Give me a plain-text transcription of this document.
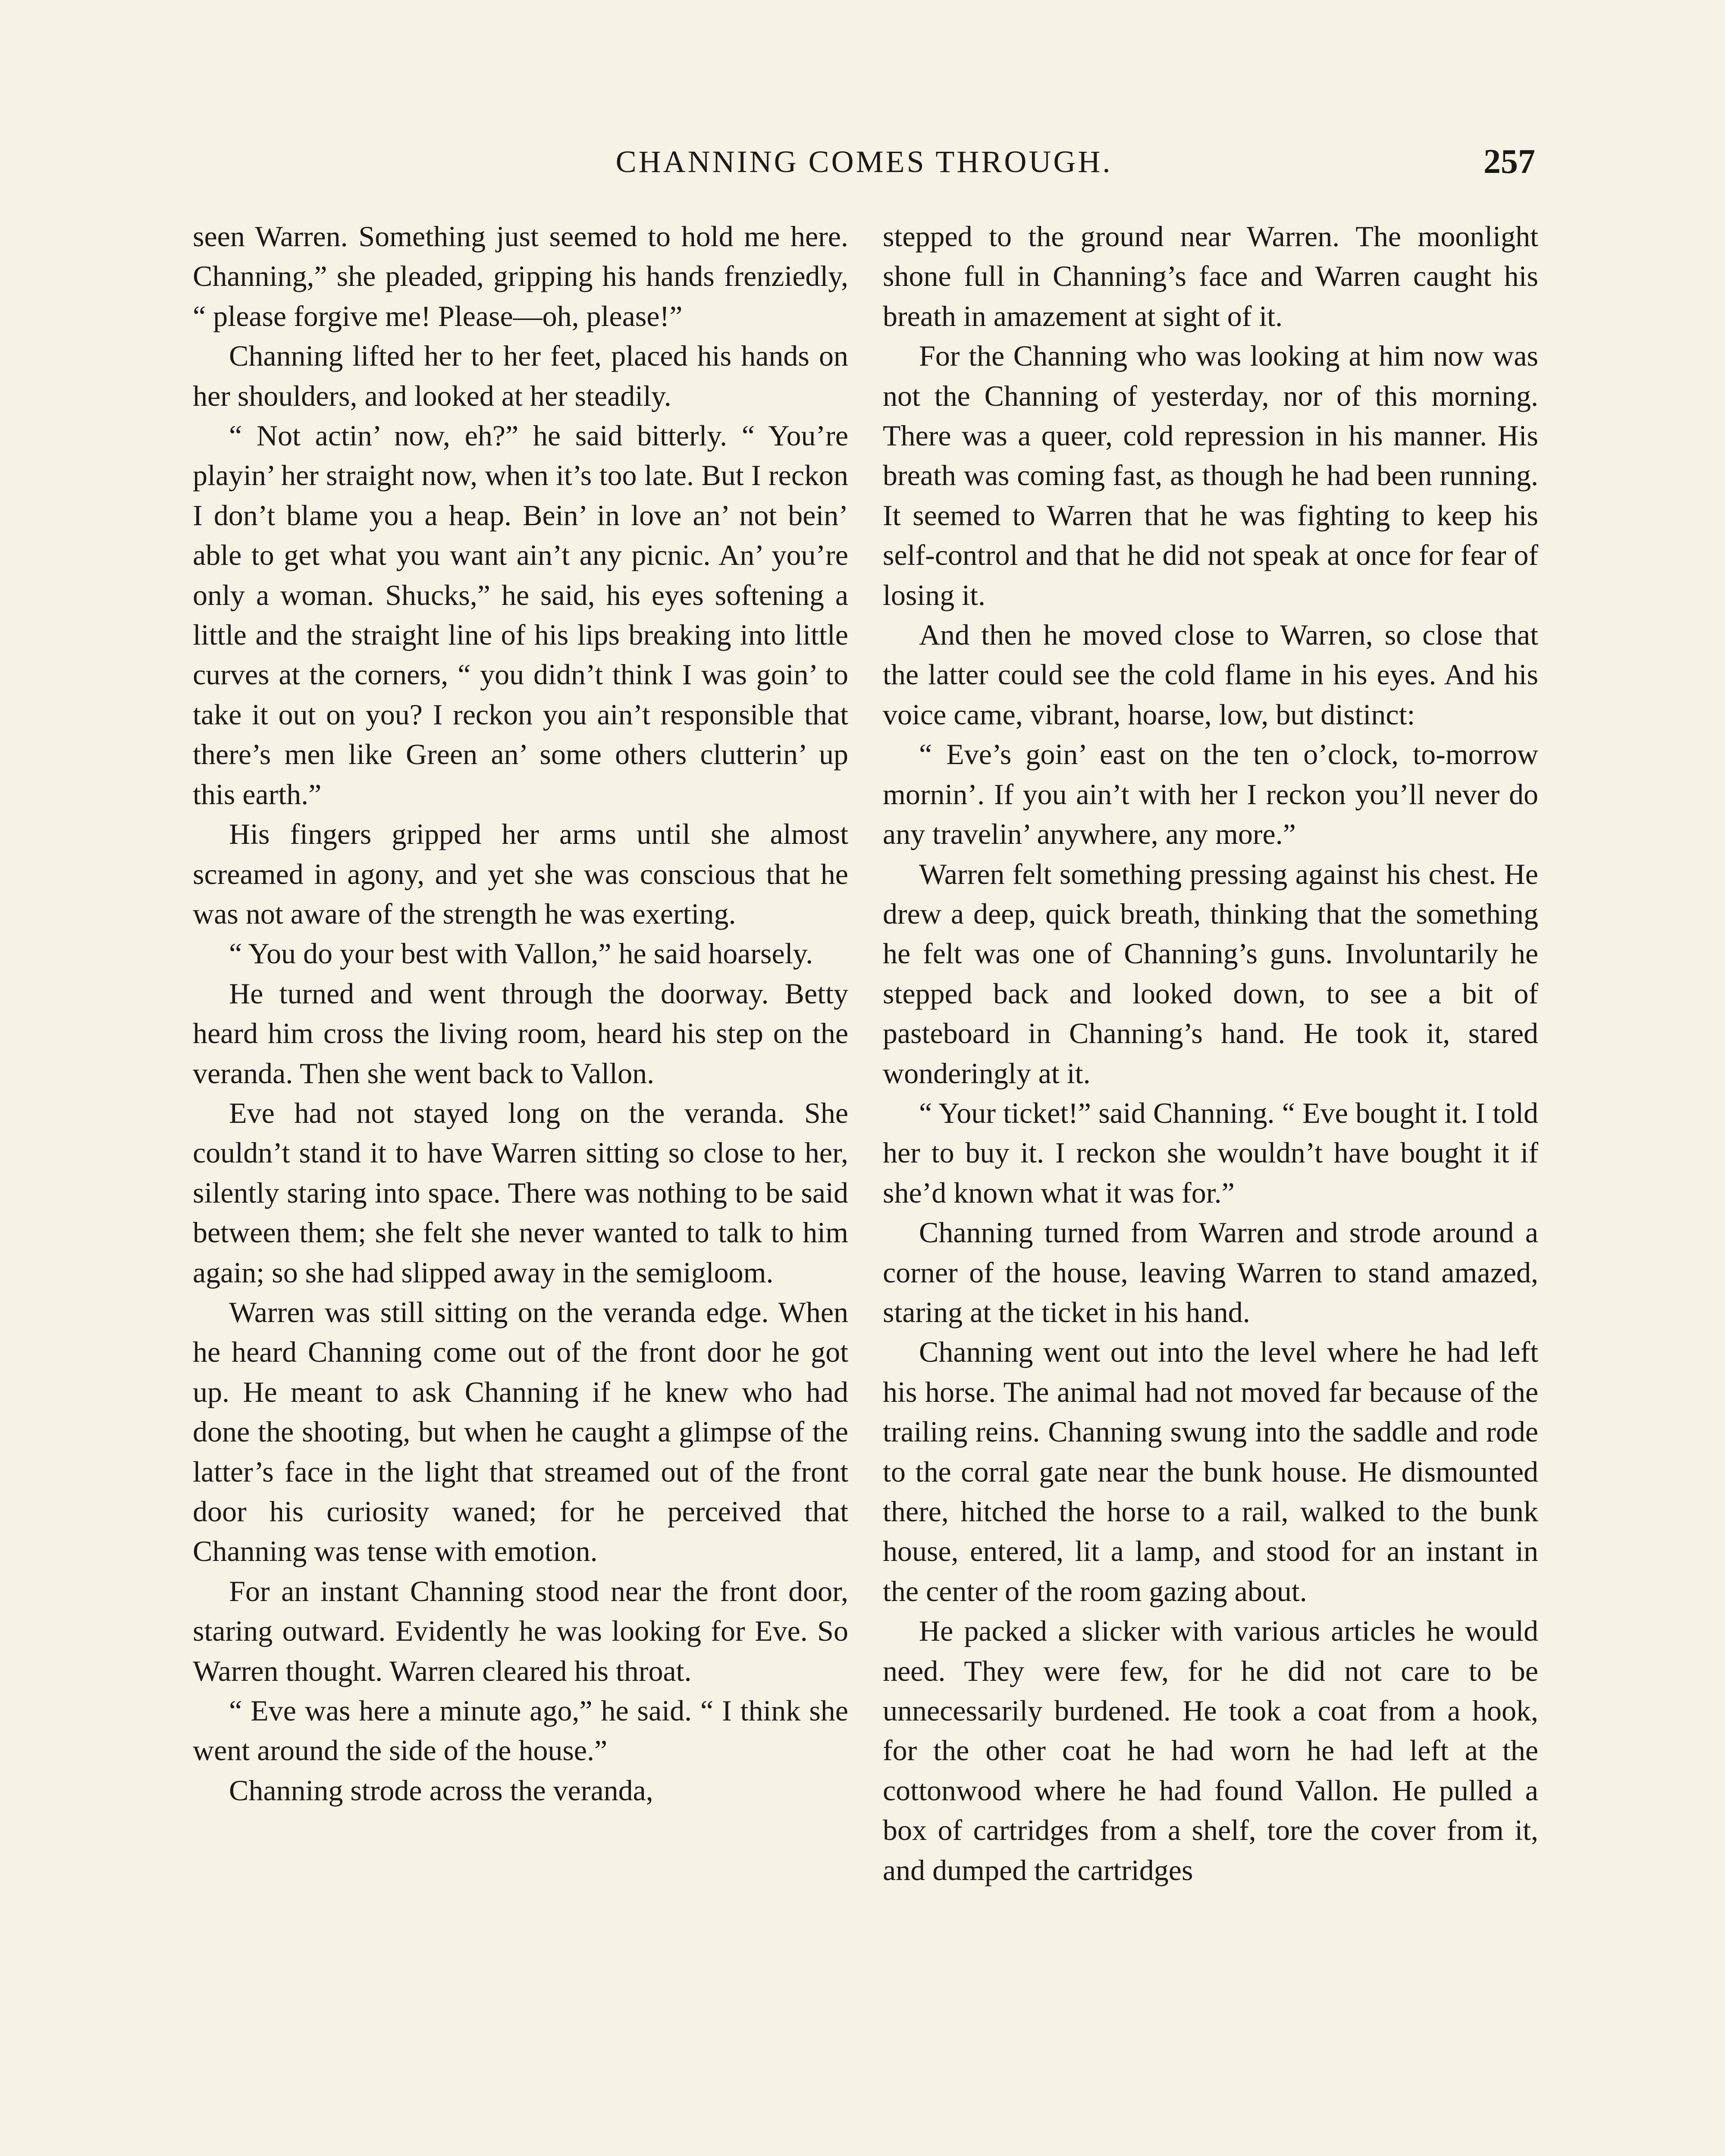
CHANNING COMES THROUGH.	257

seen Warren. Something just seemed to hold me here. Channing,” she pleaded, gripping his hands frenziedly, “ please forgive me! Please—oh, please!”

Channing lifted her to her feet, placed his hands on her shoulders, and looked at her steadily.

“ Not actin’ now, eh?” he said bitterly. “ You’re playin’ her straight now, when it’s too late. But I reckon I don’t blame you a heap. Bein’ in love an’ not bein’ able to get what you want ain’t any picnic. An’ you’re only a woman. Shucks,” he said, his eyes softening a little and the straight line of his lips breaking into little curves at the corners, “ you didn’t think I was goin’ to take it out on you? I reckon you ain’t responsible that there’s men like Green an’ some others clutterin’ up this earth.”

His fingers gripped her arms until she almost screamed in agony, and yet she was conscious that he was not aware of the strength he was exerting.

“ You do your best with Vallon,” he said hoarsely.

He turned and went through the doorway. Betty heard him cross the living room, heard his step on the veranda. Then she went back to Vallon.

Eve had not stayed long on the veranda. She couldn’t stand it to have Warren sitting so close to her, silently staring into space. There was nothing to be said between them; she felt she never wanted to talk to him again; so she had slipped away in the semigloom.

Warren was still sitting on the veranda edge. When he heard Channing come out of the front door he got up. He meant to ask Channing if he knew who had done the shooting, but when he caught a glimpse of the latter’s face in the light that streamed out of the front door his curiosity waned; for he perceived that Channing was tense with emotion.

For an instant Channing stood near the front door, staring outward. Evidently he was looking for Eve. So Warren thought. Warren cleared his throat.

“ Eve was here a minute ago,” he said. “ I think she went around the side of the house.”

Channing strode across the veranda,

stepped to the ground near Warren. The moonlight shone full in Channing’s face and Warren caught his breath in amazement at sight of it.

For the Channing who was looking at him now was not the Channing of yesterday, nor of this morning. There was a queer, cold repression in his manner. His breath was coming fast, as though he had been running. It seemed to Warren that he was fighting to keep his self-control and that he did not speak at once for fear of losing it.

And then he moved close to Warren, so close that the latter could see the cold flame in his eyes. And his voice came, vibrant, hoarse, low, but distinct:

“ Eve’s goin’ east on the ten o’clock, to-morrow mornin’. If you ain’t with her I reckon you’ll never do any travelin’ anywhere, any more.”

Warren felt something pressing against his chest. He drew a deep, quick breath, thinking that the something he felt was one of Channing’s guns. Involuntarily he stepped back and looked down, to see a bit of pasteboard in Channing’s hand. He took it, stared wonderingly at it.

“ Your ticket!” said Channing. “ Eve bought it. I told her to buy it. I reckon she wouldn’t have bought it if she’d known what it was for.”

Channing turned from Warren and strode around a corner of the house, leaving Warren to stand amazed, staring at the ticket in his hand.

Channing went out into the level where he had left his horse. The animal had not moved far because of the trailing reins. Channing swung into the saddle and rode to the corral gate near the bunk house. He dismounted there, hitched the horse to a rail, walked to the bunk house, entered, lit a lamp, and stood for an instant in the center of the room gazing about.

He packed a slicker with various articles he would need. They were few, for he did not care to be unnecessarily burdened. He took a coat from a hook, for the other coat he had worn he had left at the cottonwood where he had found Vallon. He pulled a box of cartridges from a shelf, tore the cover from it, and dumped the cartridges
